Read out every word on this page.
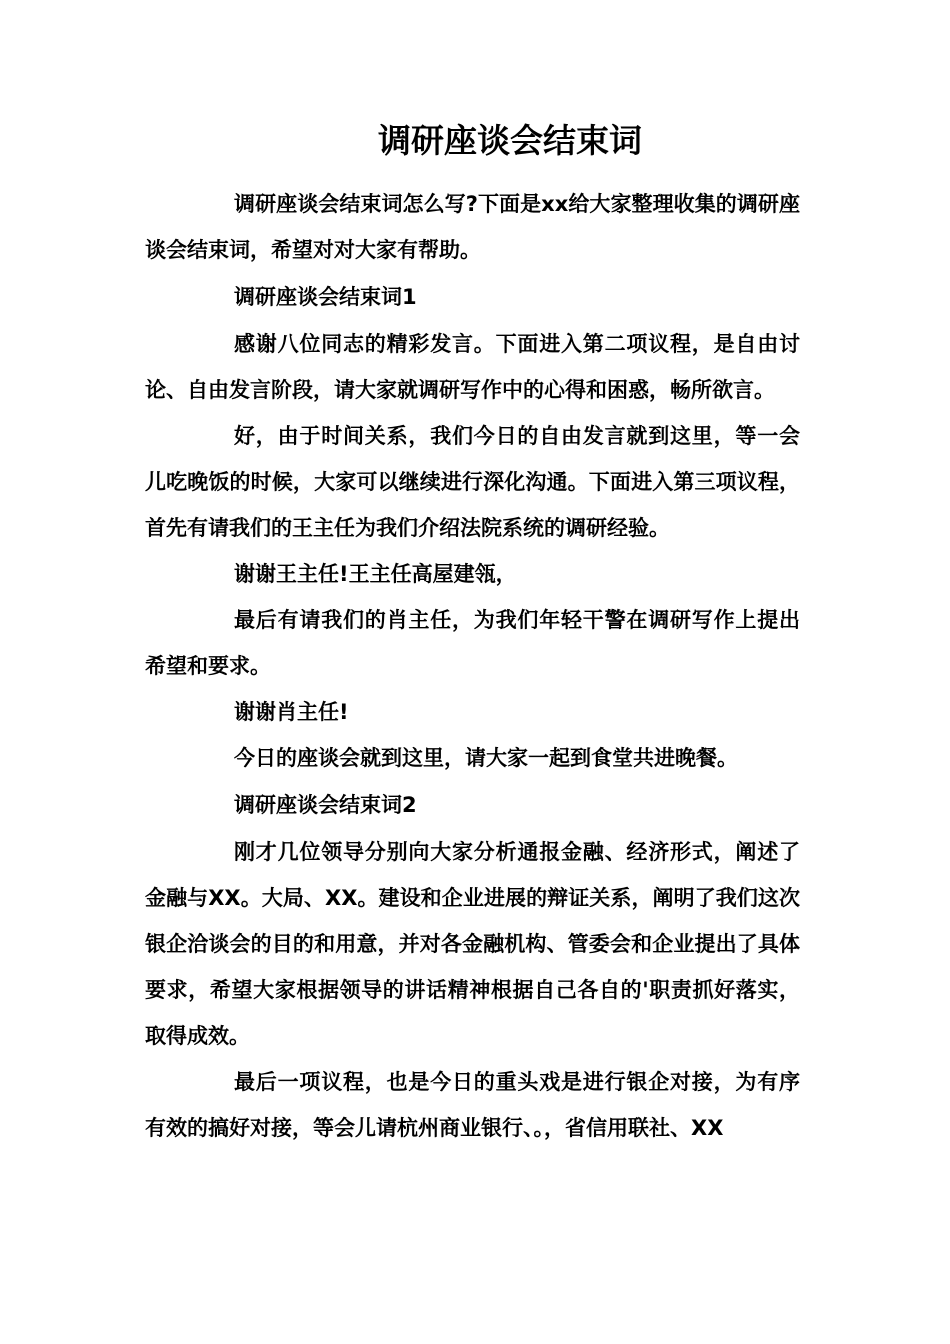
调研座谈会结束词

调研座谈会结束词怎么写?下面是xx给大家整理收集的调研座谈会结束词，希望对对大家有帮助。

调研座谈会结束词1

感谢八位同志的精彩发言。下面进入第二项议程，是自由讨论、自由发言阶段，请大家就调研写作中的心得和困惑，畅所欲言。

好，由于时间关系，我们今日的自由发言就到这里，等一会儿吃晚饭的时候，大家可以继续进行深化沟通。下面进入第三项议程，首先有请我们的王主任为我们介绍法院系统的调研经验。

谢谢王主任!王主任高屋建瓴，

最后有请我们的肖主任，为我们年轻干警在调研写作上提出希望和要求。

谢谢肖主任!

今日的座谈会就到这里，请大家一起到食堂共进晚餐。

调研座谈会结束词2

刚才几位领导分别向大家分析通报金融、经济形式，阐述了金融与XX。大局、XX。建设和企业进展的辩证关系，阐明了我们这次银企洽谈会的目的和用意，并对各金融机构、管委会和企业提出了具体要求，希望大家根据领导的讲话精神根据自己各自的'职责抓好落实，取得成效。

最后一项议程，也是今日的重头戏是进行银企对接，为有序有效的搞好对接，等会儿请杭州商业银行、。，省信用联社、XX
